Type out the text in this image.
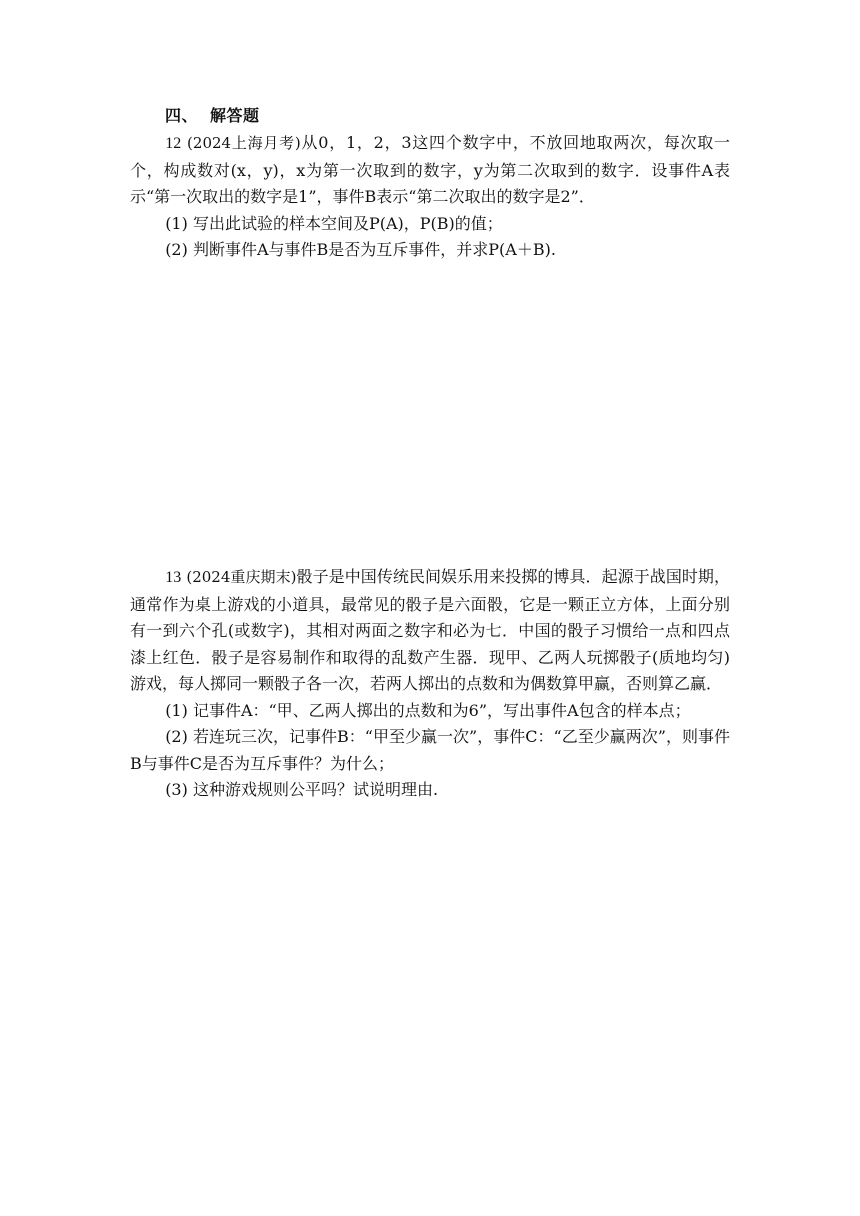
四、 解答题

12 (2024上海月考)从0，1，2，3这四个数字中，不放回地取两次，每次取一个，构成数对(x，y)，x为第一次取到的数字，y为第二次取到的数字．设事件A表示“第一次取出的数字是1”，事件B表示“第二次取出的数字是2”．

(1) 写出此试验的样本空间及P(A)，P(B)的值；

(2) 判断事件A与事件B是否为互斥事件，并求P(A＋B).

13 (2024重庆期末)骰子是中国传统民间娱乐用来投掷的博具．起源于战国时期，通常作为桌上游戏的小道具，最常见的骰子是六面骰，它是一颗正立方体，上面分别有一到六个孔(或数字)，其相对两面之数字和必为七．中国的骰子习惯给一点和四点漆上红色．骰子是容易制作和取得的乱数产生器．现甲、乙两人玩掷骰子(质地均匀)游戏，每人掷同一颗骰子各一次，若两人掷出的点数和为偶数算甲赢，否则算乙赢．

(1) 记事件A：“甲、乙两人掷出的点数和为6”，写出事件A包含的样本点；

(2) 若连玩三次，记事件B：“甲至少赢一次”，事件C：“乙至少赢两次”，则事件B与事件C是否为互斥事件？为什么；

(3) 这种游戏规则公平吗？试说明理由.
